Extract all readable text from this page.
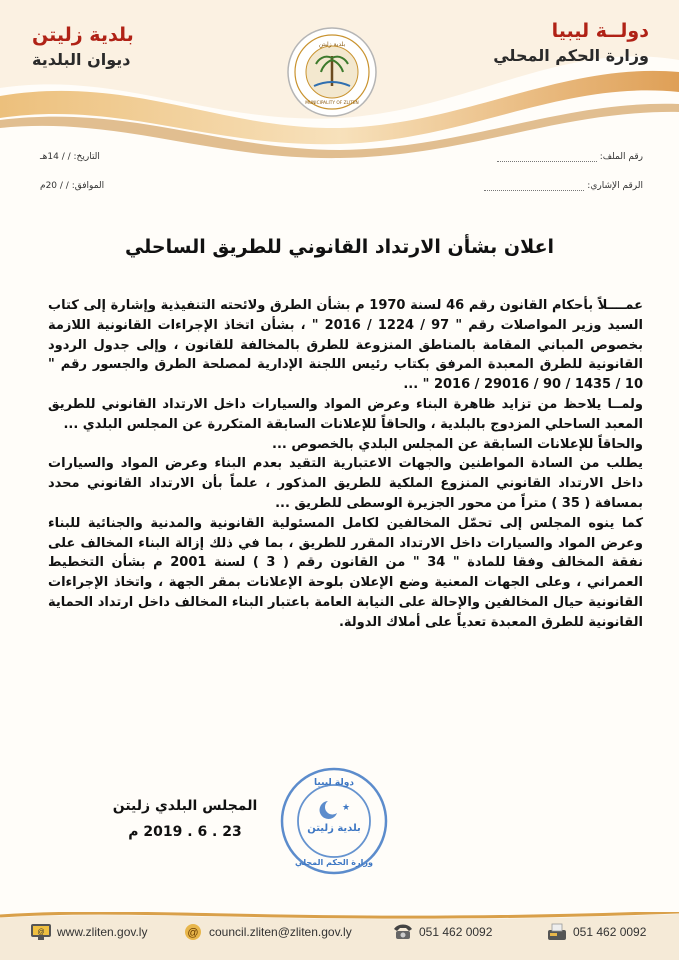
دولــة ليبيا
وزارة الحكم المحلي
بلدية زليتن
ديوان البلدية
بلدية زليتن
MUNICIPALITY OF ZLITEN
رقم الملف:
الرقم الإشاري:
التاريخ: / / 14هـ
الموافق: / / 20م
اعلان بشأن الارتداد القانوني للطريق الساحلي

عمــــلاً بأحكام القانون رقم 46 لسنة 1970 م بشأن الطرق ولائحته التنفيذية وإشارة إلى كتاب السيد وزير المواصلات رقم " 97 / 1224 / 2016 " ، بشأن اتخاذ الإجراءات القانونية اللازمة بخصوص المباني المقامة بالمناطق المنزوعة للطرق بالمخالفة للقانون ، وإلى جدول الردود القانونية للطرق المعبدة المرفق بكتاب رئيس اللجنة الإدارية لمصلحة الطرق والجسور رقم " 10 / 1435 / 90 / 29016 / 2016 " ...

ولمــا يلاحظ من تزايد ظاهرة البناء وعرض المواد والسيارات داخل الارتداد القانوني للطريق المعبد الساحلي المزدوج بالبلدية ، والحاقاً للإعلانات السابقة المتكررة عن المجلس البلدي ...

والحاقاً للإعلانات السابقة عن المجلس البلدي بالخصوص ...

يطلب من السادة المواطنين والجهات الاعتبارية التقيد بعدم البناء وعرض المواد والسيارات داخل الارتداد القانوني المنزوع الملكية للطريق المذكور ، علماً بأن الارتداد القانوني محدد بمسافة ( 35 ) متراً من محور الجزيرة الوسطى للطريق ...

كما ينوه المجلس إلى تحمّل المخالفين لكامل المسئولية القانونية والمدنية والجنائية للبناء وعرض المواد والسيارات داخل الارتداد المقرر للطريق ، بما في ذلك إزالة البناء المخالف على نفقة المخالف وفقا للمادة " 34 " من القانون رقم ( 3 ) لسنة 2001 م بشأن التخطيط العمراني ، وعلى الجهات المعنية وضع الإعلان بلوحة الإعلانات بمقر الجهة ، واتخاذ الإجراءات القانونية حيال المخالفين والإحالة على النيابة العامة باعتبار البناء المخالف داخل ارتداد الحماية القانونية للطرق المعبدة تعدياً على أملاك الدولة.

المجلس البلدي زليتن
23 . 6 . 2019 م
★
دولة ليبيا
بلدية زليتن
وزارة الحكم المحلي
@ www.zliten.gov.ly	@ council.zliten@zliten.gov.ly	051 462 0092	051 462 0092
